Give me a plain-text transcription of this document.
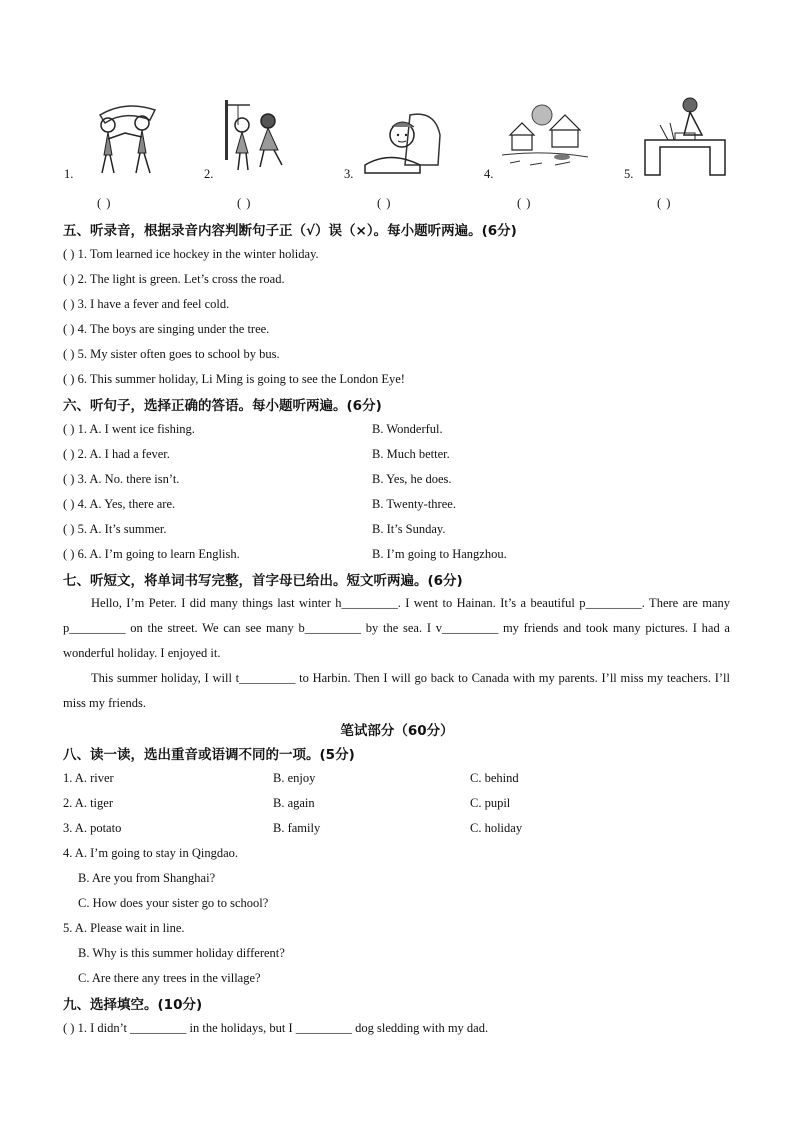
1.
( )
2.
( )
3.
( )
4.
( )
5.
( )
五、听录音，根据录音内容判断句子正（√）误（×）。每小题听两遍。(6分)
( ) 1. Tom learned ice hockey in the winter holiday.
( ) 2. The light is green. Let’s cross the road.
( ) 3. I have a fever and feel cold.
( ) 4. The boys are singing under the tree.
( ) 5. My sister often goes to school by bus.
( ) 6. This summer holiday, Li Ming is going to see the London Eye!
六、听句子，选择正确的答语。每小题听两遍。(6分)
( ) 1. A. I went ice fishing.	B. Wonderful.
( ) 2. A. I had a fever.	B. Much better.
( ) 3. A. No. there isn’t.	B. Yes, he does.
( ) 4. A. Yes, there are.	B. Twenty-three.
( ) 5. A. It’s summer.	B. It’s Sunday.
( ) 6. A. I’m going to learn English.	B. I’m going to Hangzhou.
七、听短文，将单词书写完整，首字母已给出。短文听两遍。(6分)

Hello, I’m Peter. I did many things last winter h_________. I went to Hainan. It’s a beautiful p_________. There are many p_________ on the street. We can see many b_________ by the sea. I v_________ my friends and took many pictures. I had a wonderful holiday. I enjoyed it.

This summer holiday, I will t_________ to Harbin. Then I will go back to Canada with my parents. I’ll miss my teachers. I’ll miss my friends.

笔试部分（60分）
八、读一读，选出重音或语调不同的一项。(5分)
1. A. river	B. enjoy	C. behind
2. A. tiger	B. again	C. pupil
3. A. potato	B. family	C. holiday
4. A. I’m going to stay in Qingdao.
B. Are you from Shanghai?
C. How does your sister go to school?
5. A. Please wait in line.
B. Why is this summer holiday different?
C. Are there any trees in the village?
九、选择填空。(10分)
( ) 1. I didn’t _________ in the holidays, but I _________ dog sledding with my dad.
